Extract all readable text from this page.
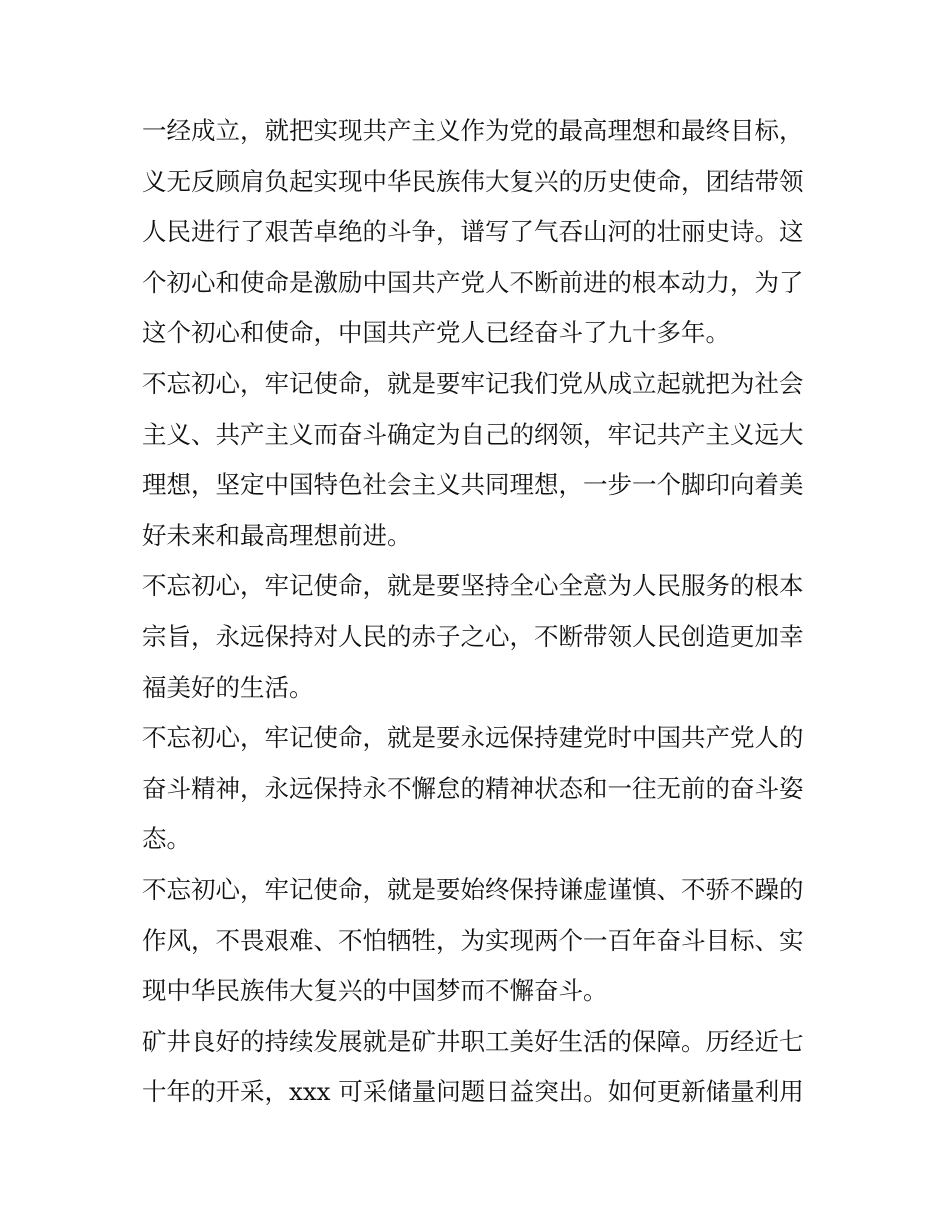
一经成立，就把实现共产主义作为党的最高理想和最终目标，
义无反顾肩负起实现中华民族伟大复兴的历史使命，团结带领
人民进行了艰苦卓绝的斗争，谱写了气吞山河的壮丽史诗。这
个初心和使命是激励中国共产党人不断前进的根本动力，为了
这个初心和使命，中国共产党人已经奋斗了九十多年。
不忘初心，牢记使命，就是要牢记我们党从成立起就把为社会
主义、共产主义而奋斗确定为自己的纲领，牢记共产主义远大
理想，坚定中国特色社会主义共同理想，一步一个脚印向着美
好未来和最高理想前进。
不忘初心，牢记使命，就是要坚持全心全意为人民服务的根本
宗旨，永远保持对人民的赤子之心，不断带领人民创造更加幸
福美好的生活。
不忘初心，牢记使命，就是要永远保持建党时中国共产党人的
奋斗精神，永远保持永不懈怠的精神状态和一往无前的奋斗姿
态。
不忘初心，牢记使命，就是要始终保持谦虚谨慎、不骄不躁的
作风，不畏艰难、不怕牺牲，为实现两个一百年奋斗目标、实
现中华民族伟大复兴的中国梦而不懈奋斗。
矿井良好的持续发展就是矿井职工美好生活的保障。历经近七
十年的开采，xxx 可采储量问题日益突出。如何更新储量利用
